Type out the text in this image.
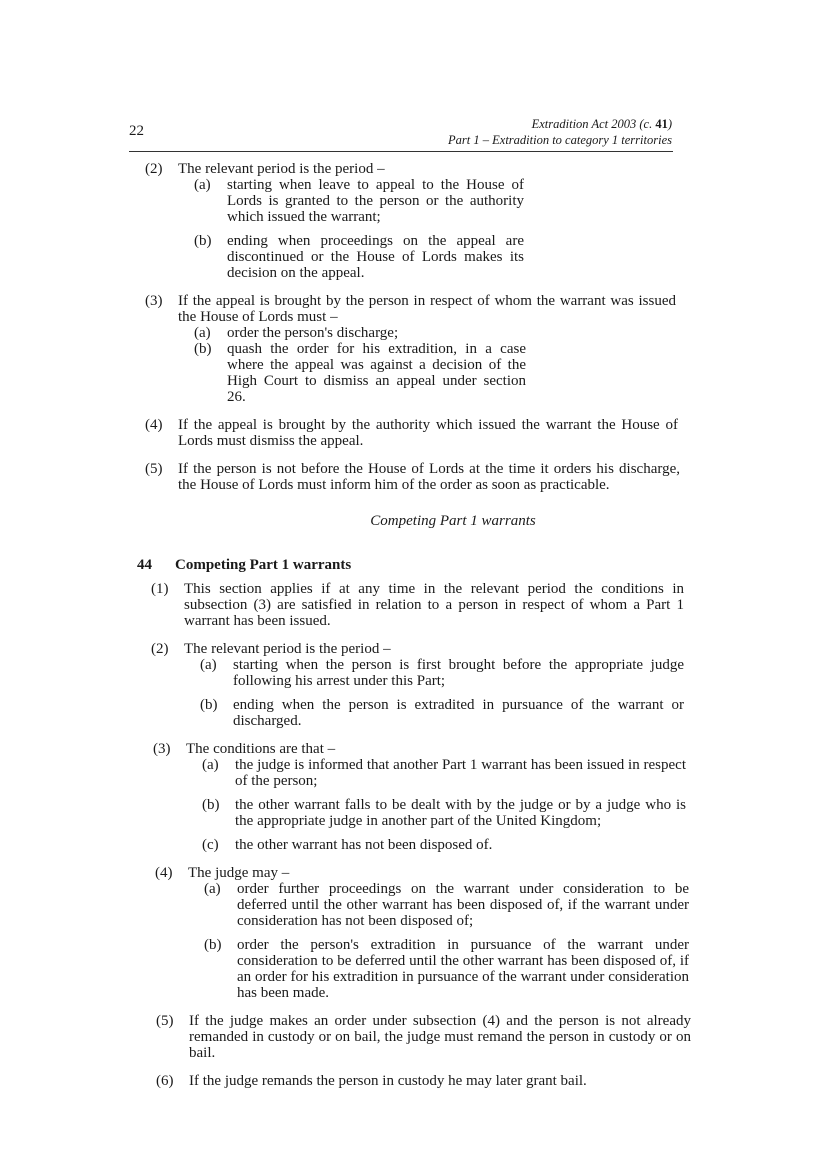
22	Extradition Act 2003 (c. 41)
Part 1 – Extradition to category 1 territories
(2) The relevant period is the period –
(a) starting when leave to appeal to the House of Lords is granted to the person or the authority which issued the warrant;
(b) ending when proceedings on the appeal are discontinued or the House of Lords makes its decision on the appeal.
(3) If the appeal is brought by the person in respect of whom the warrant was issued the House of Lords must –
(a) order the person's discharge;
(b) quash the order for his extradition, in a case where the appeal was against a decision of the High Court to dismiss an appeal under section 26.
(4) If the appeal is brought by the authority which issued the warrant the House of Lords must dismiss the appeal.
(5) If the person is not before the House of Lords at the time it orders his discharge, the House of Lords must inform him of the order as soon as practicable.
Competing Part 1 warrants
44 Competing Part 1 warrants
(1) This section applies if at any time in the relevant period the conditions in subsection (3) are satisfied in relation to a person in respect of whom a Part 1 warrant has been issued.
(2) The relevant period is the period –
(a) starting when the person is first brought before the appropriate judge following his arrest under this Part;
(b) ending when the person is extradited in pursuance of the warrant or discharged.
(3) The conditions are that –
(a) the judge is informed that another Part 1 warrant has been issued in respect of the person;
(b) the other warrant falls to be dealt with by the judge or by a judge who is the appropriate judge in another part of the United Kingdom;
(c) the other warrant has not been disposed of.
(4) The judge may –
(a) order further proceedings on the warrant under consideration to be deferred until the other warrant has been disposed of, if the warrant under consideration has not been disposed of;
(b) order the person's extradition in pursuance of the warrant under consideration to be deferred until the other warrant has been disposed of, if an order for his extradition in pursuance of the warrant under consideration has been made.
(5) If the judge makes an order under subsection (4) and the person is not already remanded in custody or on bail, the judge must remand the person in custody or on bail.
(6) If the judge remands the person in custody he may later grant bail.
